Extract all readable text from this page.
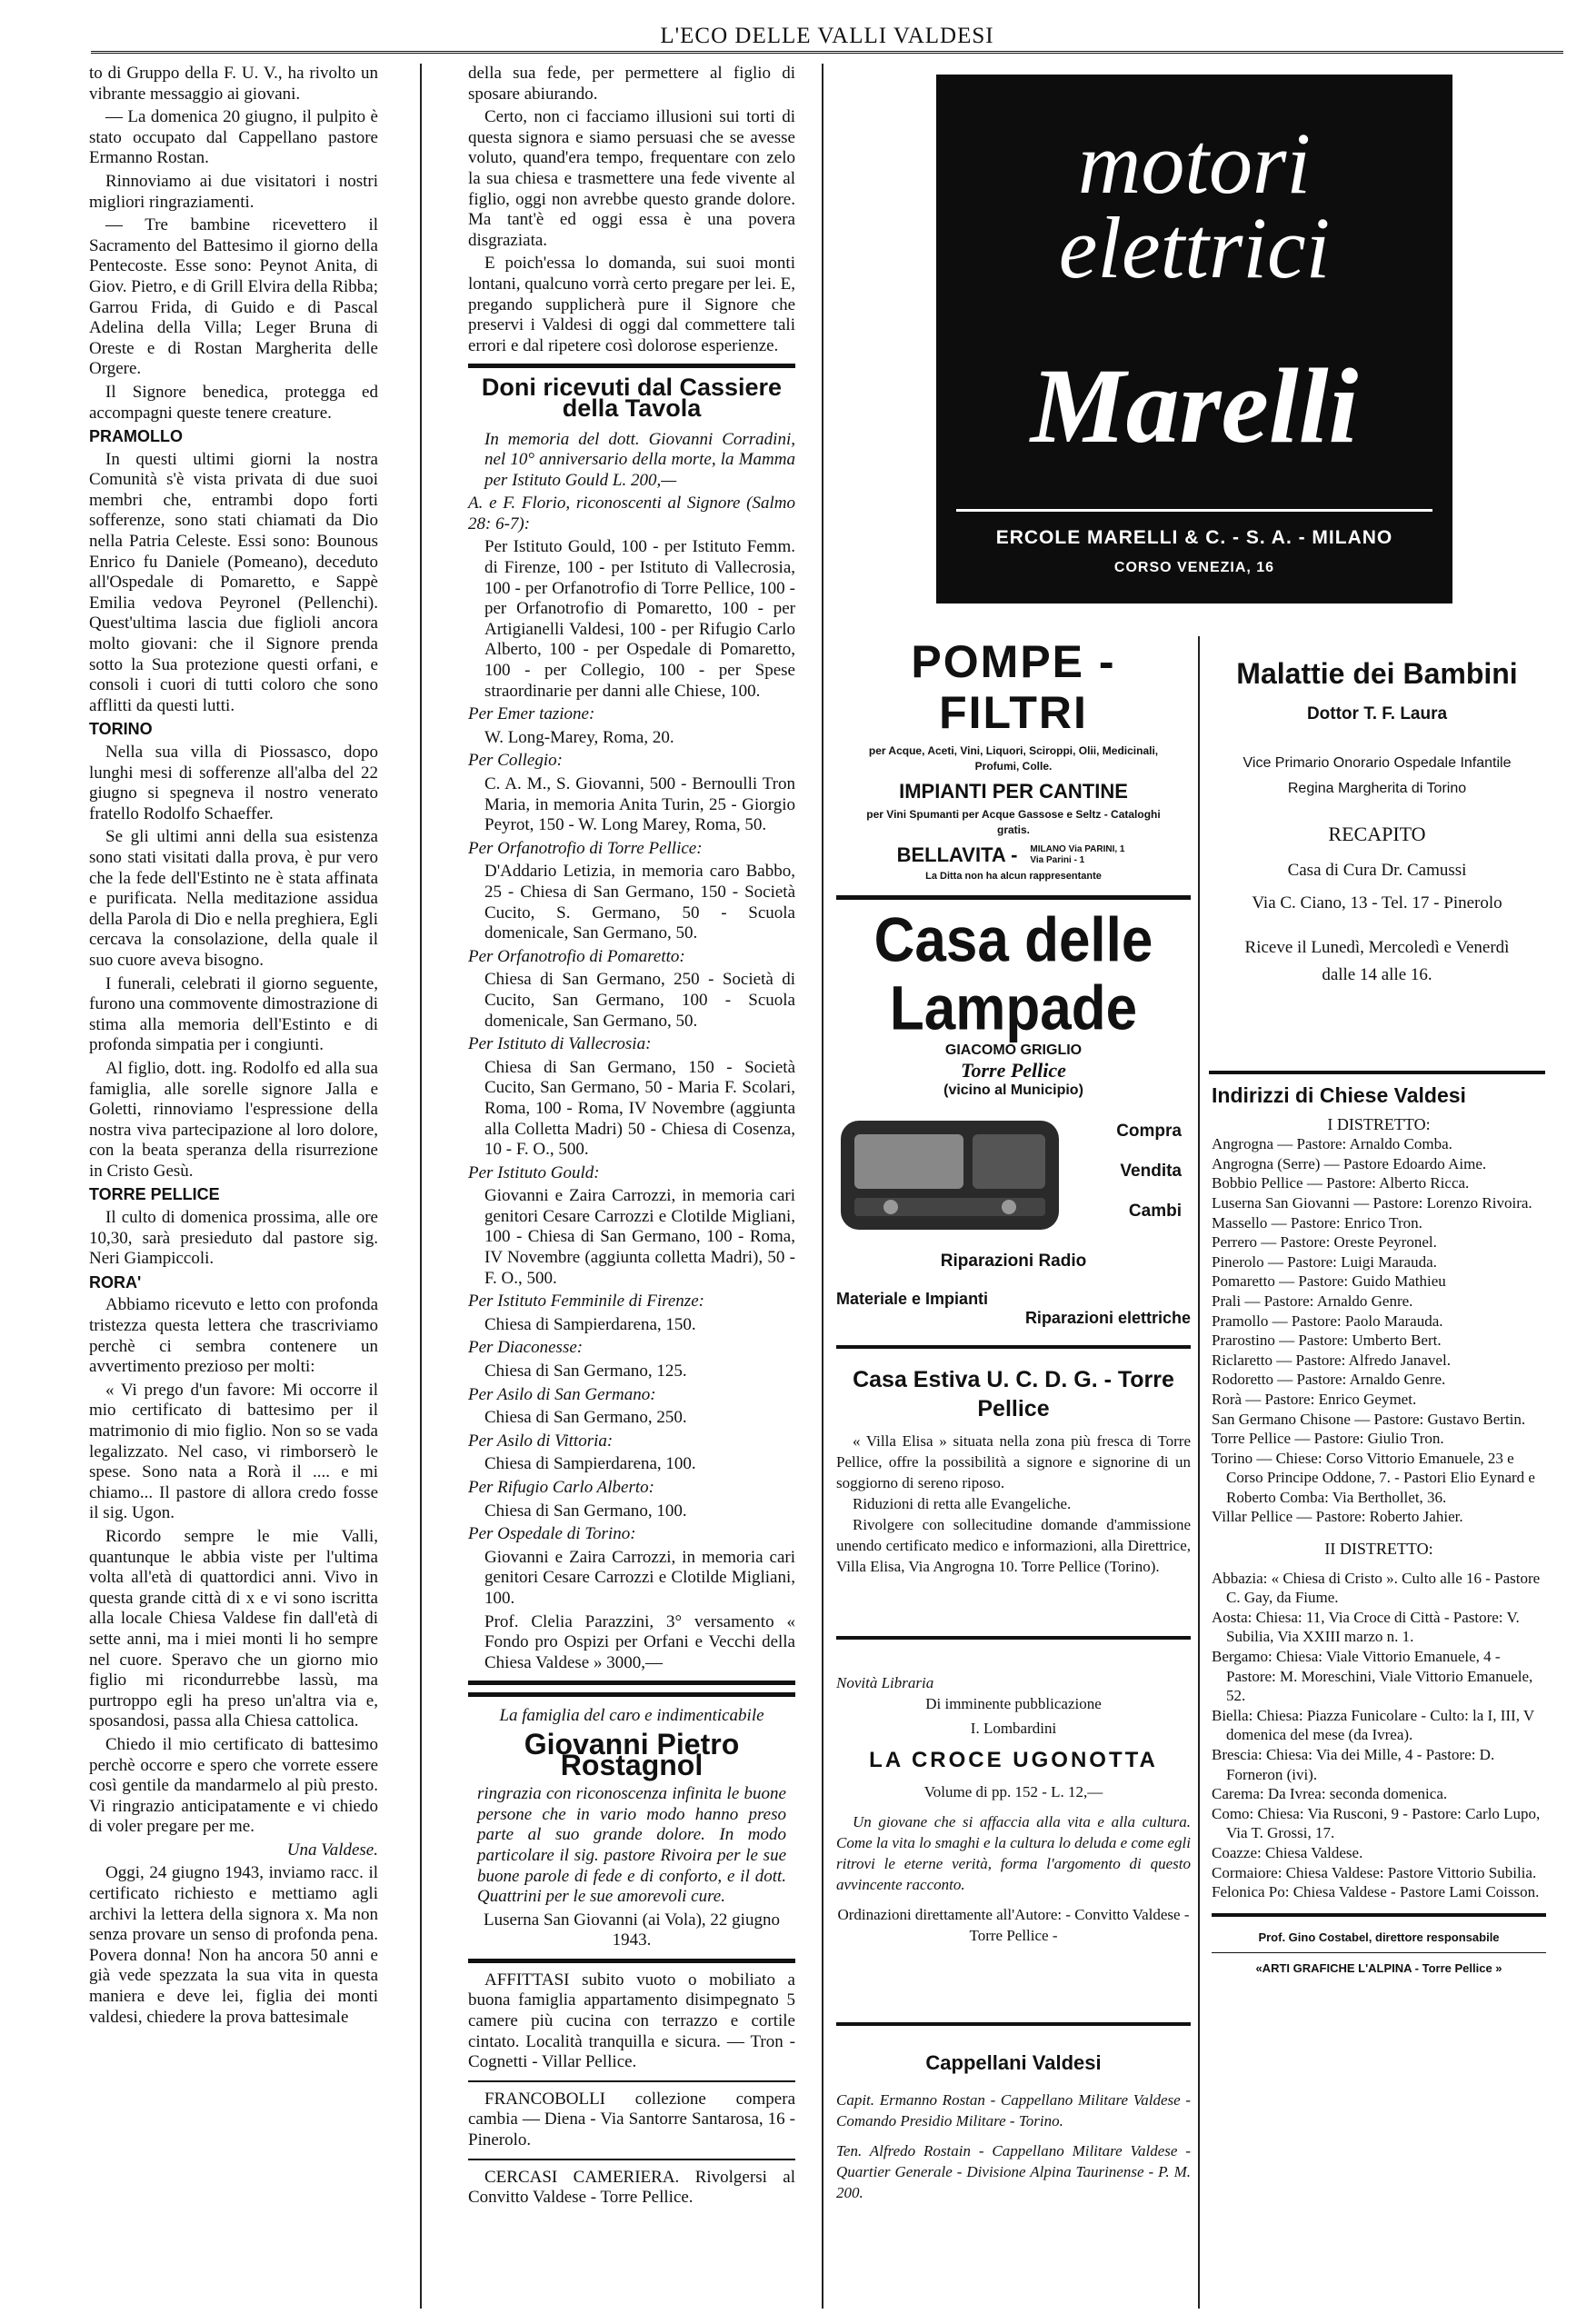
L'ECO DELLE VALLI VALDESI

to di Gruppo della F. U. V., ha rivolto un vibrante messaggio ai giovani.

— La domenica 20 giugno, il pulpito è stato occupato dal Cappellano pastore Ermanno Rostan.

Rinnoviamo ai due visitatori i nostri migliori ringraziamenti.

— Tre bambine ricevettero il Sacramento del Battesimo il giorno della Pentecoste. Esse sono: Peynot Anita, di Giov. Pietro, e di Grill Elvira della Ribba; Garrou Frida, di Guido e di Pascal Adelina della Villa; Leger Bruna di Oreste e di Rostan Margherita delle Orgere.

Il Signore benedica, protegga ed accompagni queste tenere creature.

PRAMOLLO

In questi ultimi giorni la nostra Comunità s'è vista privata di due suoi membri che, entrambi dopo forti sofferenze, sono stati chiamati da Dio nella Patria Celeste. Essi sono: Bounous Enrico fu Daniele (Pomeano), deceduto all'Ospedale di Pomaretto, e Sappè Emilia vedova Peyronel (Pellenchi). Quest'ultima lascia due figlioli ancora molto giovani: che il Signore prenda sotto la Sua protezione questi orfani, e consoli i cuori di tutti coloro che sono afflitti da questi lutti.

TORINO

Nella sua villa di Piossasco, dopo lunghi mesi di sofferenze all'alba del 22 giugno si spegneva il nostro venerato fratello Rodolfo Schaeffer.

Se gli ultimi anni della sua esistenza sono stati visitati dalla prova, è pur vero che la fede dell'Estinto ne è stata affinata e purificata. Nella meditazione assidua della Parola di Dio e nella preghiera, Egli cercava la consolazione, della quale il suo cuore aveva bisogno.

I funerali, celebrati il giorno seguente, furono una commovente dimostrazione di stima alla memoria dell'Estinto e di profonda simpatia per i congiunti.

Al figlio, dott. ing. Rodolfo ed alla sua famiglia, alle sorelle signore Jalla e Goletti, rinnoviamo l'espressione della nostra viva partecipazione al loro dolore, con la beata speranza della risurrezione in Cristo Gesù.

TORRE PELLICE

Il culto di domenica prossima, alle ore 10,30, sarà presieduto dal pastore sig. Neri Giampiccoli.

RORA'

Abbiamo ricevuto e letto con profonda tristezza questa lettera che trascriviamo perchè ci sembra contenere un avvertimento prezioso per molti:

« Vi prego d'un favore: Mi occorre il mio certificato di battesimo per il matrimonio di mio figlio. Non so se vada legalizzato. Nel caso, vi rimborserò le spese. Sono nata a Rorà il .... e mi chiamo... Il pastore di allora credo fosse il sig. Ugon.

Ricordo sempre le mie Valli, quantunque le abbia viste per l'ultima volta all'età di quattordici anni. Vivo in questa grande città di x e vi sono iscritta alla locale Chiesa Valdese fin dall'età di sette anni, ma i miei monti li ho sempre nel cuore. Speravo che un giorno mio figlio mi ricondurrebbe lassù, ma purtroppo egli ha preso un'altra via e, sposandosi, passa alla Chiesa cattolica.

Chiedo il mio certificato di battesimo perchè occorre e spero che vorrete essere così gentile da mandarmelo al più presto. Vi ringrazio anticipatamente e vi chiedo di voler pregare per me.

Una Valdese.

Oggi, 24 giugno 1943, inviamo racc. il certificato richiesto e mettiamo agli archivi la lettera della signora x. Ma non senza provare un senso di profonda pena. Povera donna! Non ha ancora 50 anni e già vede spezzata la sua vita in questa maniera e deve lei, figlia dei monti valdesi, chiedere la prova battesimale

della sua fede, per permettere al figlio di sposare abiurando.

Certo, non ci facciamo illusioni sui torti di questa signora e siamo persuasi che se avesse voluto, quand'era tempo, frequentare con zelo la sua chiesa e trasmettere una fede vivente al figlio, oggi non avrebbe questo grande dolore. Ma tant'è ed oggi essa è una povera disgraziata.

E poich'essa lo domanda, sui suoi monti lontani, qualcuno vorrà certo pregare per lei. E, pregando supplicherà pure il Signore che preservi i Valdesi di oggi dal commettere tali errori e dal ripetere così dolorose esperienze.

Doni ricevuti dal Cassiere della Tavola

In memoria del dott. Giovanni Corradini, nel 10° anniversario della morte, la Mamma per Istituto Gould L. 200,—

A. e F. Florio, riconoscenti al Signore (Salmo 28: 6-7):

Per Istituto Gould, 100 - per Istituto Femm. di Firenze, 100 - per Istituto di Vallecrosia, 100 - per Orfanotrofio di Torre Pellice, 100 - per Orfanotrofio di Pomaretto, 100 - per Artigianelli Valdesi, 100 - per Rifugio Carlo Alberto, 100 - per Ospedale di Pomaretto, 100 - per Collegio, 100 - per Spese straordinarie per danni alle Chiese, 100.

Per Emer tazione:

W. Long-Marey, Roma, 20.

Per Collegio:

C. A. M., S. Giovanni, 500 - Bernoulli Tron Maria, in memoria Anita Turin, 25 - Giorgio Peyrot, 150 - W. Long Marey, Roma, 50.

Per Orfanotrofio di Torre Pellice:

D'Addario Letizia, in memoria caro Babbo, 25 - Chiesa di San Germano, 150 - Società Cucito, S. Germano, 50 - Scuola domenicale, San Germano, 50.

Per Orfanotrofio di Pomaretto:

Chiesa di San Germano, 250 - Società di Cucito, San Germano, 100 - Scuola domenicale, San Germano, 50.

Per Istituto di Vallecrosia:

Chiesa di San Germano, 150 - Società Cucito, San Germano, 50 - Maria F. Scolari, Roma, 100 - Roma, IV Novembre (aggiunta alla Colletta Madri) 50 - Chiesa di Cosenza, 10 - F. O., 500.

Per Istituto Gould:

Giovanni e Zaira Carrozzi, in memoria cari genitori Cesare Carrozzi e Clotilde Migliani, 100 - Chiesa di San Germano, 100 - Roma, IV Novembre (aggiunta colletta Madri), 50 - F. O., 500.

Per Istituto Femminile di Firenze:

Chiesa di Sampierdarena, 150.

Per Diaconesse:

Chiesa di San Germano, 125.

Per Asilo di San Germano:

Chiesa di San Germano, 250.

Per Asilo di Vittoria:

Chiesa di Sampierdarena, 100.

Per Rifugio Carlo Alberto:

Chiesa di San Germano, 100.

Per Ospedale di Torino:

Giovanni e Zaira Carrozzi, in memoria cari genitori Cesare Carrozzi e Clotilde Migliani, 100.

Prof. Clelia Parazzini, 3° versamento « Fondo pro Ospizi per Orfani e Vecchi della Chiesa Valdese » 3000,—

La famiglia del caro e indimenticabile

Giovanni Pietro Rostagnol

ringrazia con riconoscenza infinita le buone persone che in vario modo hanno preso parte al suo grande dolore. In modo particolare il sig. pastore Rivoira per le sue buone parole di fede e di conforto, e il dott. Quattrini per le sue amorevoli cure.

Luserna San Giovanni (ai Vola), 22 giugno 1943.

AFFITTASI subito vuoto o mobiliato a buona famiglia appartamento disimpegnato 5 camere più cucina con terrazzo e cortile cintato. Località tranquilla e sicura. — Tron - Cognetti - Villar Pellice.

FRANCOBOLLI collezione compera cambia — Diena - Via Santorre Santarosa, 16 - Pinerolo.

CERCASI CAMERIERA. Rivolgersi al Convitto Valdese - Torre Pellice.

motori
elettrici
Marelli
ERCOLE MARELLI & C. - S. A. - MILANO
CORSO VENEZIA, 16
POMPE - FILTRI
per Acque, Aceti, Vini, Liquori, Sciroppi, Olii, Medicinali, Profumi, Colle.
IMPIANTI PER CANTINE
per Vini Spumanti per Acque Gassose e Seltz - Cataloghi gratis.
BELLAVITA - MILANO Via PARINI, 1 Via Parini - 1
La Ditta non ha alcun rappresentante
Malattie dei Bambini
Dottor T. F. Laura
Vice Primario Onorario Ospedale Infantile
Regina Margherita di Torino
RECAPITO
Casa di Cura Dr. Camussi
Via C. Ciano, 13 - Tel. 17 - Pinerolo
Riceve il Lunedì, Mercoledì e Venerdì
dalle 14 alle 16.
Casa delle Lampade
GIACOMO GRIGLIO
Torre Pellice
(vicino al Municipio)
Compra
Vendita
Cambi
Riparazioni Radio
Materiale e Impianti
Riparazioni elettriche
Casa Estiva U. C. D. G. - Torre Pellice
« Villa Elisa » situata nella zona più fresca di Torre Pellice, offre la possibilità a signore e signorine di un soggiorno di sereno riposo.
Riduzioni di retta alle Evangeliche.
Rivolgere con sollecitudine domande d'ammissione unendo certificato medico e informazioni, alla Direttrice, Villa Elisa, Via Angrogna 10. Torre Pellice (Torino).
Novità Libraria
Di imminente pubblicazione
I. Lombardini
LA CROCE UGONOTTA
Volume di pp. 152 - L. 12,—
Un giovane che si affaccia alla vita e alla cultura. Come la vita lo smaghi e la cultura lo deluda e come egli ritrovi le eterne verità, forma l'argomento di questo avvincente racconto.
Ordinazioni direttamente all'Autore: - Convitto Valdese - Torre Pellice -
Cappellani Valdesi
Capit. Ermanno Rostan - Cappellano Militare Valdese - Comando Presidio Militare - Torino.
Ten. Alfredo Rostain - Cappellano Militare Valdese - Quartier Generale - Divisione Alpina Taurinense - P. M. 200.
Indirizzi di Chiese Valdesi
I DISTRETTO:
Angrogna — Pastore: Arnaldo Comba.
Angrogna (Serre) — Pastore Edoardo Aime.
Bobbio Pellice — Pastore: Alberto Ricca.
Luserna San Giovanni — Pastore: Lorenzo Rivoira.
Massello — Pastore: Enrico Tron.
Perrero — Pastore: Oreste Peyronel.
Pinerolo — Pastore: Luigi Marauda.
Pomaretto — Pastore: Guido Mathieu
Prali — Pastore: Arnaldo Genre.
Pramollo — Pastore: Paolo Marauda.
Prarostino — Pastore: Umberto Bert.
Riclaretto — Pastore: Alfredo Janavel.
Rodoretto — Pastore: Arnaldo Genre.
Rorà — Pastore: Enrico Geymet.
San Germano Chisone — Pastore: Gustavo Bertin.
Torre Pellice — Pastore: Giulio Tron.
Torino — Chiese: Corso Vittorio Emanuele, 23 e Corso Principe Oddone, 7. - Pastori Elio Eynard e Roberto Comba: Via Berthollet, 36.
Villar Pellice — Pastore: Roberto Jahier.
II DISTRETTO:
Abbazia: « Chiesa di Cristo ». Culto alle 16 - Pastore C. Gay, da Fiume.
Aosta: Chiesa: 11, Via Croce di Città - Pastore: V. Subilia, Via XXIII marzo n. 1.
Bergamo: Chiesa: Viale Vittorio Emanuele, 4 - Pastore: M. Moreschini, Viale Vittorio Emanuele, 52.
Biella: Chiesa: Piazza Funicolare - Culto: la I, III, V domenica del mese (da Ivrea).
Brescia: Chiesa: Via dei Mille, 4 - Pastore: D. Forneron (ivi).
Carema: Da Ivrea: seconda domenica.
Como: Chiesa: Via Rusconi, 9 - Pastore: Carlo Lupo, Via T. Grossi, 17.
Coazze: Chiesa Valdese.
Cormaiore: Chiesa Valdese: Pastore Vittorio Subilia.
Felonica Po: Chiesa Valdese - Pastore Lami Coisson.
Prof. Gino Costabel, direttore responsabile
«ARTI GRAFICHE L'ALPINA - Torre Pellice »
